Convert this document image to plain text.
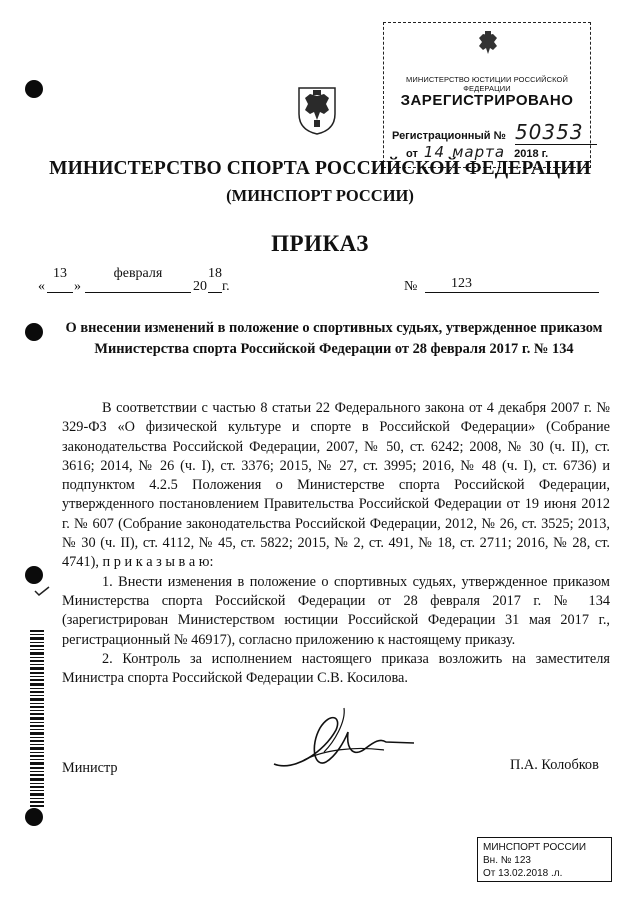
МИНИСТЕРСТВО ЮСТИЦИИ РОССИЙСКОЙ ФЕДЕРАЦИИ
ЗАРЕГИСТРИРОВАНО
Регистрационный № 50353
от 14 марта 2018 г.
МИНИСТЕРСТВО СПОРТА РОССИЙСКОЙ ФЕДЕРАЦИИ
(МИНСПОРТ РОССИИ)
ПРИКАЗ
«
13
»
февраля
20
18
г.	№	123
О внесении изменений в положение о спортивных судьях, утвержденное приказом Министерства спорта Российской Федерации от 28 февраля 2017 г. № 134

В соответствии с частью 8 статьи 22 Федерального закона от 4 декабря 2007 г. № 329-ФЗ «О физической культуре и спорте в Российской Федерации» (Собрание законодательства Российской Федерации, 2007, № 50, ст. 6242; 2008, № 30 (ч. II), ст. 3616; 2014, № 26 (ч. I), ст. 3376; 2015, № 27, ст. 3995; 2016, № 48 (ч. I), ст. 6736) и подпунктом 4.2.5 Положения о Министерстве спорта Российской Федерации, утвержденного постановлением Правительства Российской Федерации от 19 июня 2012 г. № 607 (Собрание законодательства Российской Федерации, 2012, № 26, ст. 3525; 2013, № 30 (ч. II), ст. 4112, № 45, ст. 5822; 2015, № 2, ст. 491, № 18, ст. 2711; 2016, № 28, ст. 4741), п р и к а з ы в а ю:

1. Внести изменения в положение о спортивных судьях, утвержденное приказом Министерства спорта Российской Федерации от 28 февраля 2017 г. № 134 (зарегистрирован Министерством юстиции Российской Федерации 31 мая 2017 г., регистрационный № 46917), согласно приложению к настоящему приказу.

2. Контроль за исполнением настоящего приказа возложить на заместителя Министра спорта Российской Федерации С.В. Косилова.

Министр	П.А. Колобков
МИНСПОРТ РОССИИ
Вн. № 123
От 13.02.2018 .л.
